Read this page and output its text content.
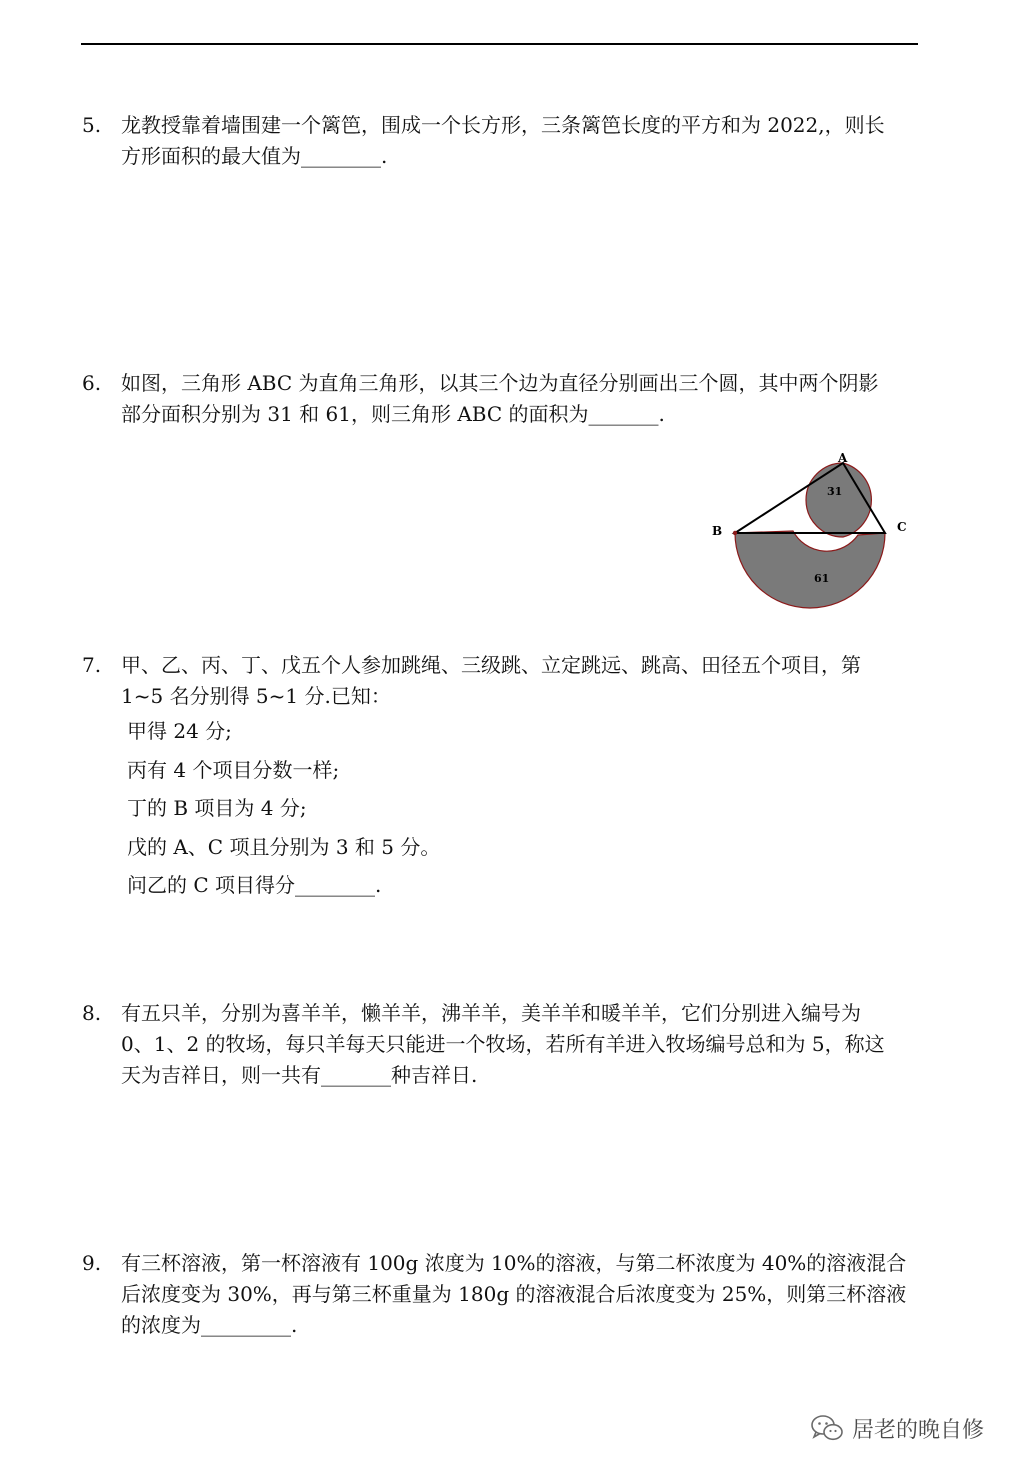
5. 龙教授靠着墙围建一个篱笆，围成一个长方形，三条篱笆长度的平方和为 2022,，则长
方形面积的最大值为________.
6. 如图，三角形 ABC 为直角三角形，以其三个边为直径分别画出三个圆，其中两个阴影
部分面积分别为 31 和 61，则三角形 ABC 的面积为_______.
A
B	C
31
61
7. 甲、乙、丙、丁、戊五个人参加跳绳、三级跳、立定跳远、跳高、田径五个项目，第
1~5 名分别得 5~1 分.已知：
甲得 24 分;
丙有 4 个项目分数一样;
丁的 B 项目为 4 分;
戊的 A、C 项且分别为 3 和 5 分。
问乙的 C 项目得分________.
8. 有五只羊，分别为喜羊羊，懒羊羊，沸羊羊，美羊羊和暖羊羊，它们分别进入编号为
0、1、2 的牧场，每只羊每天只能进一个牧场，若所有羊进入牧场编号总和为 5，称这
天为吉祥日，则一共有_______种吉祥日.
9. 有三杯溶液，第一杯溶液有 100g 浓度为 10%的溶液，与第二杯浓度为 40%的溶液混合
后浓度变为 30%，再与第三杯重量为 180g 的溶液混合后浓度变为 25%，则第三杯溶液
的浓度为_________.
居老的晚自修
